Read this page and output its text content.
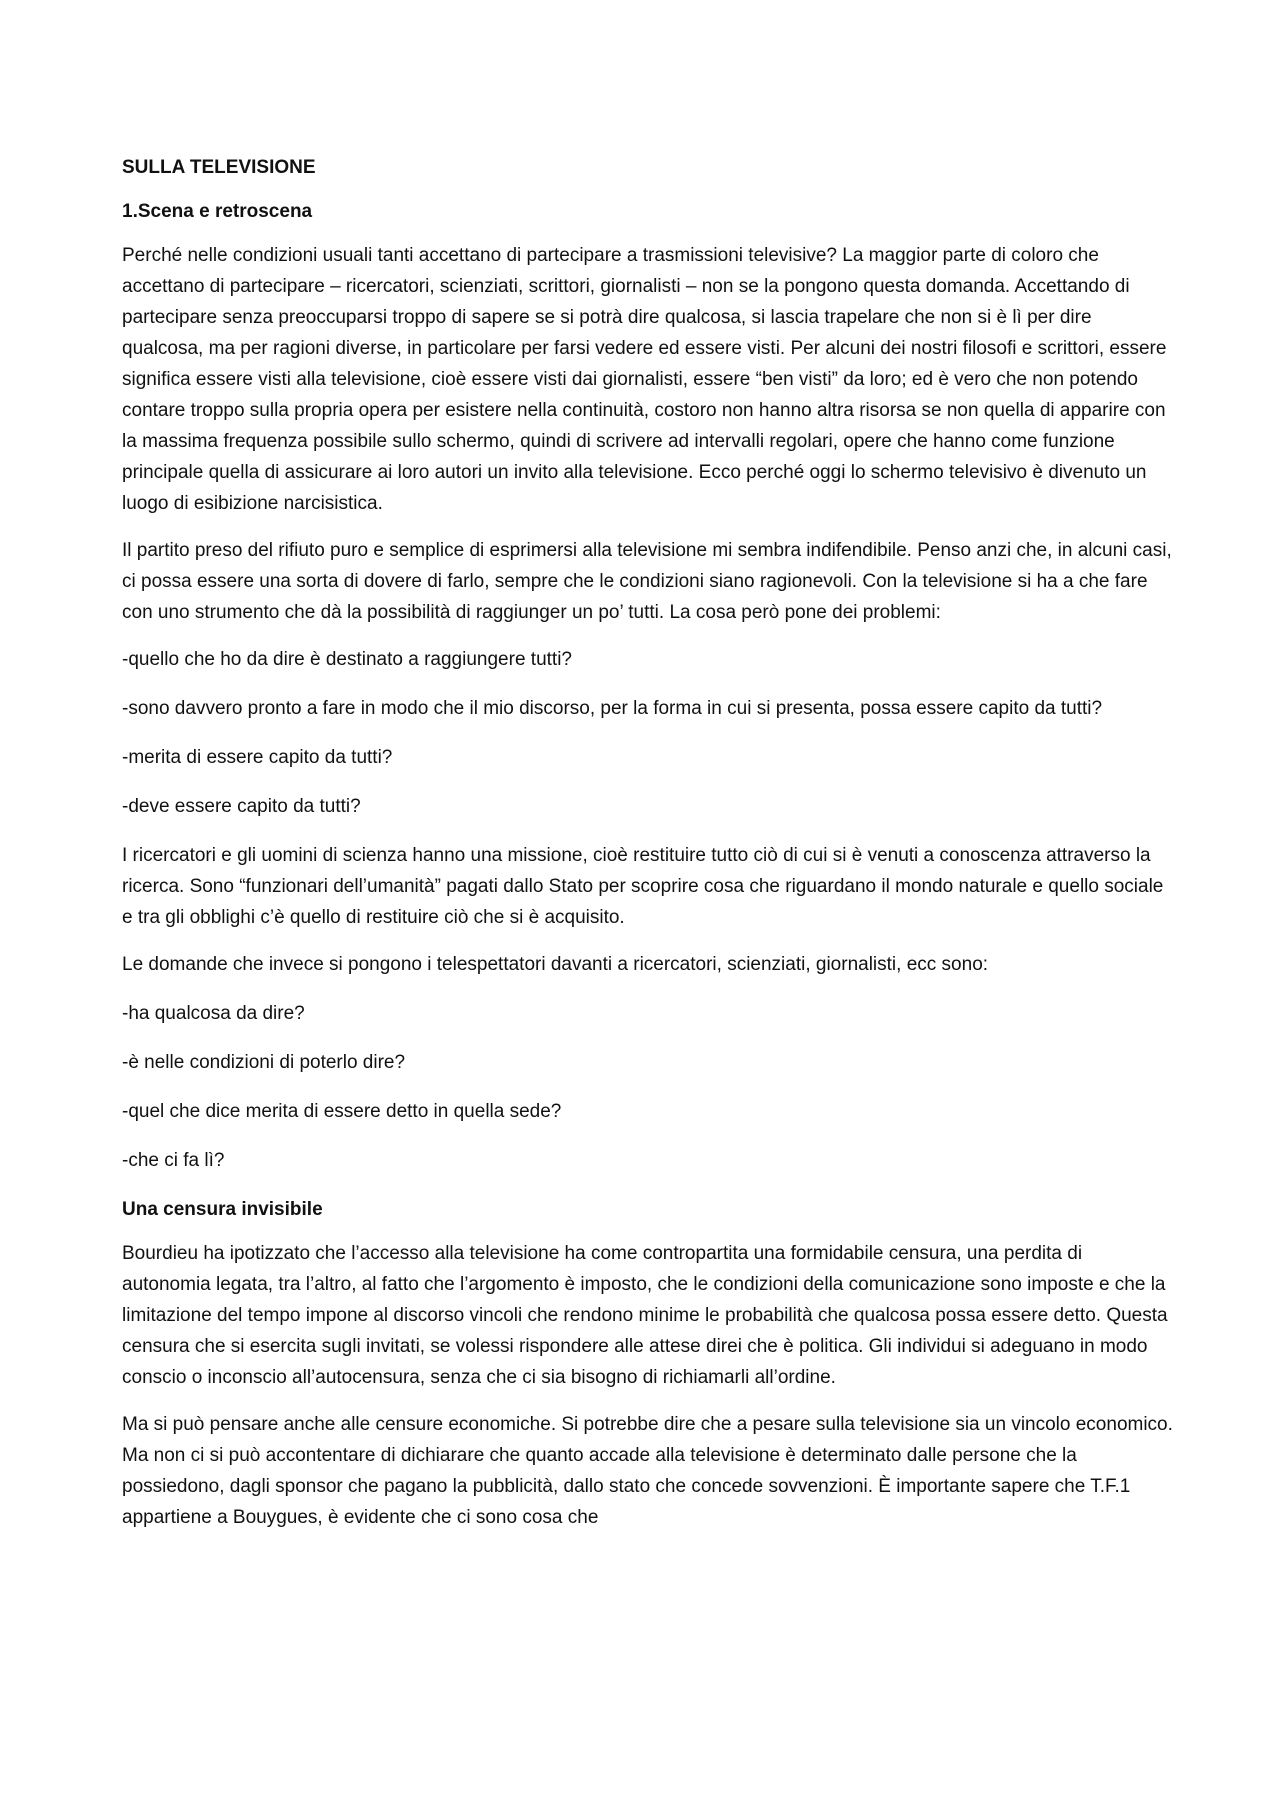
SULLA TELEVISIONE
1.Scena e retroscena

Perché nelle condizioni usuali tanti accettano di partecipare a trasmissioni televisive? La maggior parte di coloro che accettano di partecipare – ricercatori, scienziati, scrittori, giornalisti – non se la pongono questa domanda. Accettando di partecipare senza preoccuparsi troppo di sapere se si potrà dire qualcosa, si lascia trapelare che non si è lì per dire qualcosa, ma per ragioni diverse, in particolare per farsi vedere ed essere visti. Per alcuni dei nostri filosofi e scrittori, essere significa essere visti alla televisione, cioè essere visti dai giornalisti, essere “ben visti” da loro; ed è vero che non potendo contare troppo sulla propria opera per esistere nella continuità, costoro non hanno altra risorsa se non quella di apparire con la massima frequenza possibile sullo schermo, quindi di scrivere ad intervalli regolari, opere che hanno come funzione principale quella di assicurare ai loro autori un invito alla televisione. Ecco perché oggi lo schermo televisivo è divenuto un luogo di esibizione narcisistica.

Il partito preso del rifiuto puro e semplice di esprimersi alla televisione mi sembra indifendibile. Penso anzi che, in alcuni casi, ci possa essere una sorta di dovere di farlo, sempre che le condizioni siano ragionevoli. Con la televisione si ha a che fare con uno strumento che dà la possibilità di raggiunger un po’ tutti. La cosa però pone dei problemi:

-quello che ho da dire è destinato a raggiungere tutti?

-sono davvero pronto a fare in modo che il mio discorso, per la forma in cui si presenta, possa essere capito da tutti?

-merita di essere capito da tutti?

-deve essere capito da tutti?

I ricercatori e gli uomini di scienza hanno una missione, cioè restituire tutto ciò di cui si è venuti a conoscenza attraverso la ricerca. Sono “funzionari dell’umanità” pagati dallo Stato per scoprire cosa che riguardano il mondo naturale e quello sociale e tra gli obblighi c’è quello di restituire ciò che si è acquisito.

Le domande che invece si pongono i telespettatori davanti a ricercatori, scienziati, giornalisti, ecc sono:

-ha qualcosa da dire?

-è nelle condizioni di poterlo dire?

-quel che dice merita di essere detto in quella sede?

-che ci fa lì?

Una censura invisibile

Bourdieu ha ipotizzato che l’accesso alla televisione ha come contropartita una formidabile censura, una perdita di autonomia legata, tra l’altro, al fatto che l’argomento è imposto, che le condizioni della comunicazione sono imposte e che la limitazione del tempo impone al discorso vincoli che rendono minime le probabilità che qualcosa possa essere detto. Questa censura che si esercita sugli invitati, se volessi rispondere alle attese direi che è politica. Gli individui si adeguano in modo conscio o inconscio all’autocensura, senza che ci sia bisogno di richiamarli all’ordine.

Ma si può pensare anche alle censure economiche. Si potrebbe dire che a pesare sulla televisione sia un vincolo economico. Ma non ci si può accontentare di dichiarare che quanto accade alla televisione è determinato dalle persone che la possiedono, dagli sponsor che pagano la pubblicità, dallo stato che concede sovvenzioni. È importante sapere che T.F.1 appartiene a Bouygues, è evidente che ci sono cosa che
